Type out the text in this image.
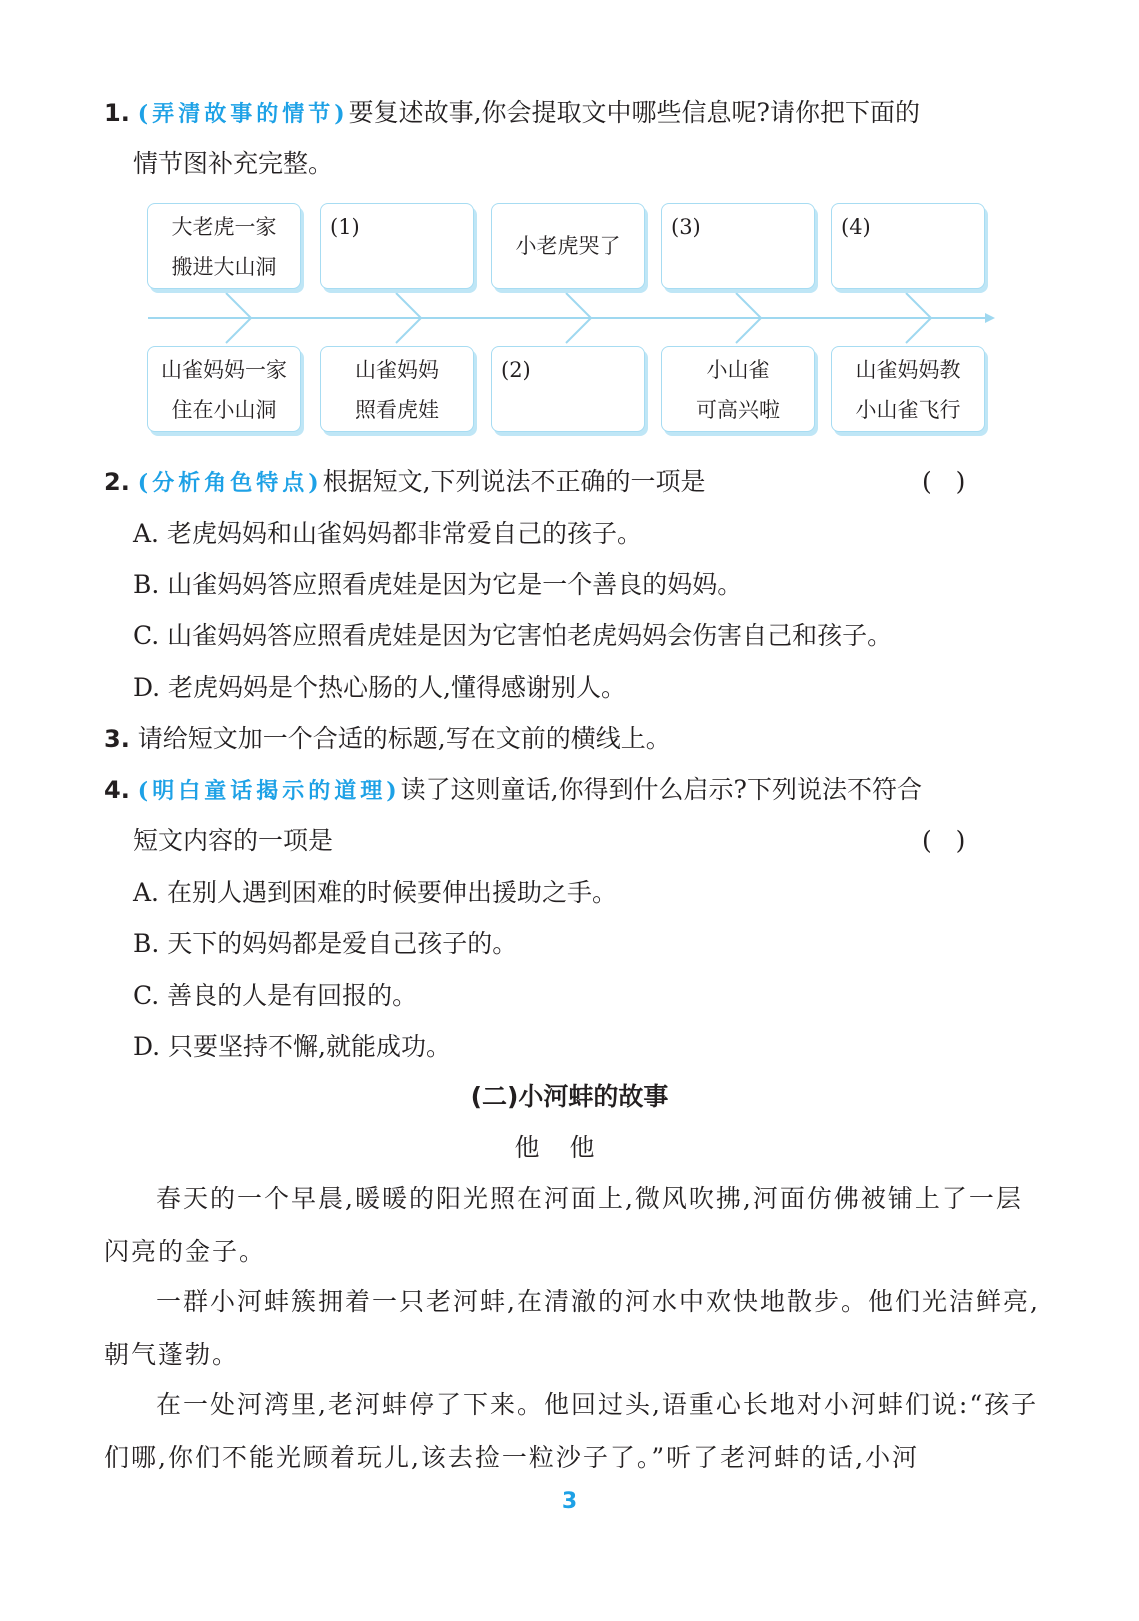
1. (弄清故事的情节)要复述故事,你会提取文中哪些信息呢?请你把下面的
情节图补充完整。
大老虎一家
搬进大山洞
(1)
小老虎哭了
(3)	(4)
山雀妈妈一家
住在小山洞
山雀妈妈
照看虎娃
(2)	小山雀
可高兴啦
山雀妈妈教
小山雀飞行
2. (分析角色特点)根据短文,下列说法不正确的一项是	(   )
A. 老虎妈妈和山雀妈妈都非常爱自己的孩子。
B. 山雀妈妈答应照看虎娃是因为它是一个善良的妈妈。
C. 山雀妈妈答应照看虎娃是因为它害怕老虎妈妈会伤害自己和孩子。
D. 老虎妈妈是个热心肠的人,懂得感谢别人。
3. 请给短文加一个合适的标题,写在文前的横线上。
4. (明白童话揭示的道理)读了这则童话,你得到什么启示?下列说法不符合
短文内容的一项是	(   )
A. 在别人遇到困难的时候要伸出援助之手。
B. 天下的妈妈都是爱自己孩子的。
C. 善良的人是有回报的。
D. 只要坚持不懈,就能成功。
(二)小河蚌的故事
他他

春天的一个早晨,暖暖的阳光照在河面上,微风吹拂,河面仿佛被铺上了一层闪亮的金子。

一群小河蚌簇拥着一只老河蚌,在清澈的河水中欢快地散步。他们光洁鲜亮,朝气蓬勃。

在一处河湾里,老河蚌停了下来。他回过头,语重心长地对小河蚌们说:“孩子们哪,你们不能光顾着玩儿,该去捡一粒沙子了。”听了老河蚌的话,小河

3
